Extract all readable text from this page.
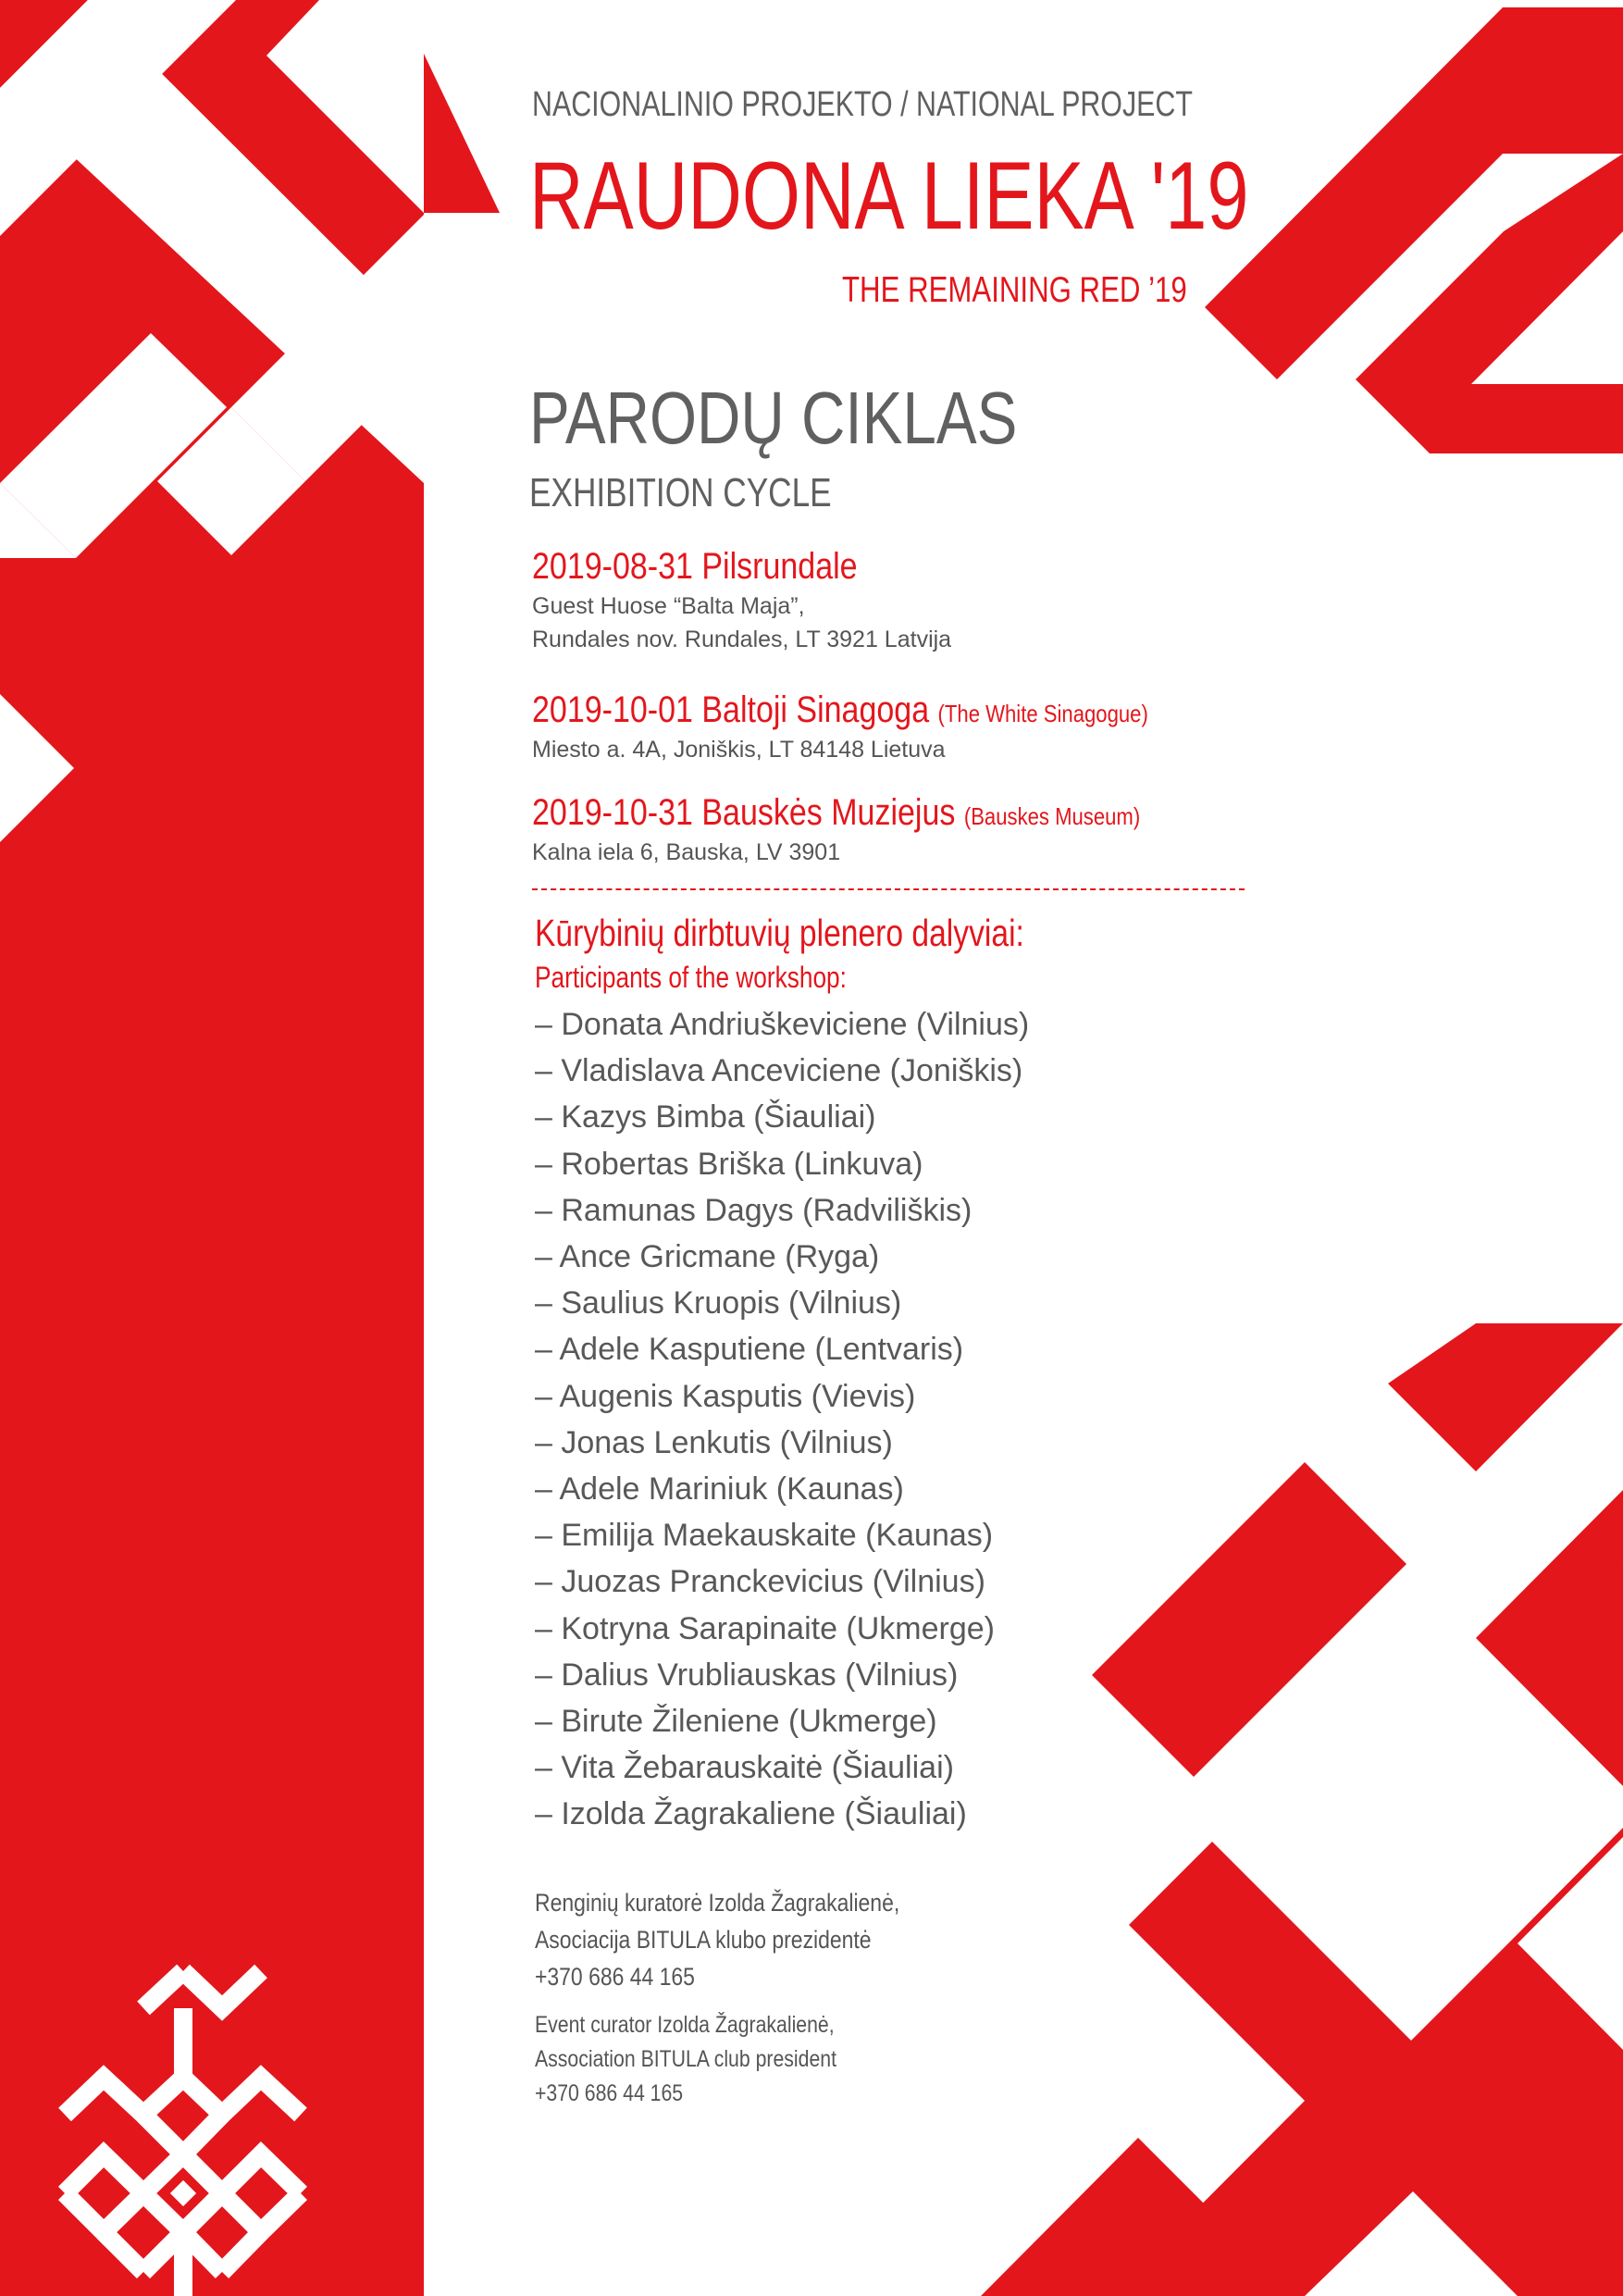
NACIONALINIO PROJEKTO / NATIONAL PROJECT
RAUDONA LIEKA '19
THE REMAINING RED ’19
PARODŲ CIKLAS
EXHIBITION CYCLE
2019-08-31 Pilsrundale
Guest Huose “Balta Maja”,
Rundales nov. Rundales, LT 3921 Latvija
2019-10-01 Baltoji Sinagoga (The White Sinagogue)
Miesto a. 4A, Joniškis, LT 84148 Lietuva
2019-10-31 Bauskės Muziejus (Bauskes Museum)
Kalna iela 6, Bauska, LV 3901
Kūrybinių dirbtuvių plenero dalyviai:
Participants of the workshop:
– Donata Andriuškeviciene (Vilnius)
– Vladislava Anceviciene (Joniškis)
– Kazys Bimba (Šiauliai)
– Robertas Briška (Linkuva)
– Ramunas Dagys (Radviliškis)
– Ance Gricmane (Ryga)
– Saulius Kruopis (Vilnius)
– Adele Kasputiene (Lentvaris)
– Augenis Kasputis (Vievis)
– Jonas Lenkutis (Vilnius)
– Adele Mariniuk (Kaunas)
– Emilija Maekauskaite (Kaunas)
– Juozas Pranckevicius (Vilnius)
– Kotryna Sarapinaite (Ukmerge)
– Dalius Vrubliauskas (Vilnius)
– Birute Žileniene (Ukmerge)
– Vita Žebarauskaitė (Šiauliai)
– Izolda Žagrakaliene (Šiauliai)
Renginių kuratorė Izolda Žagrakalienė,
Asociacija BITULA klubo prezidentė
+370 686 44 165
Event curator Izolda Žagrakalienė,
Association BITULA club president
+370 686 44 165
